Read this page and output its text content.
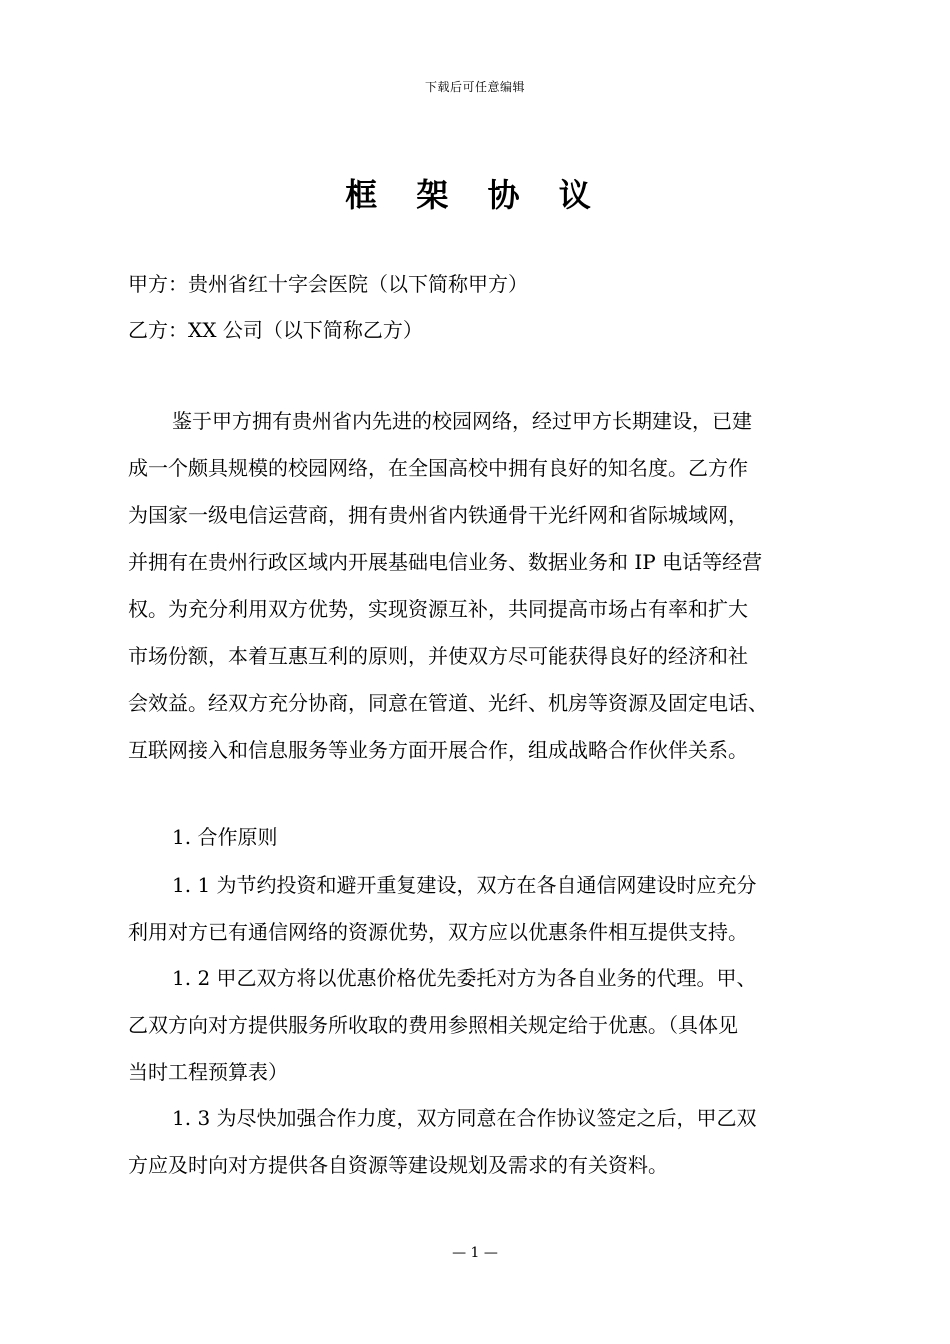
下载后可任意编辑
框 架 协 议
甲方：贵州省红十字会医院（以下简称甲方）
乙方：XX 公司（以下简称乙方）
鉴于甲方拥有贵州省内先进的校园网络，经过甲方长期建设，已建
成一个颇具规模的校园网络，在全国高校中拥有良好的知名度。乙方作
为国家一级电信运营商，拥有贵州省内铁通骨干光纤网和省际城域网，
并拥有在贵州行政区域内开展基础电信业务、数据业务和 IP 电话等经营
权。为充分利用双方优势，实现资源互补，共同提高市场占有率和扩大
市场份额，本着互惠互利的原则，并使双方尽可能获得良好的经济和社
会效益。经双方充分协商，同意在管道、光纤、机房等资源及固定电话、
互联网接入和信息服务等业务方面开展合作，组成战略合作伙伴关系。
1. 合作原则
1. 1 为节约投资和避开重复建设，双方在各自通信网建设时应充分
利用对方已有通信网络的资源优势，双方应以优惠条件相互提供支持。
1. 2 甲乙双方将以优惠价格优先委托对方为各自业务的代理。甲、
乙双方向对方提供服务所收取的费用参照相关规定给于优惠。（具体见
当时工程预算表）
1. 3 为尽快加强合作力度，双方同意在合作协议签定之后，甲乙双
方应及时向对方提供各自资源等建设规划及需求的有关资料。
— 1 —
